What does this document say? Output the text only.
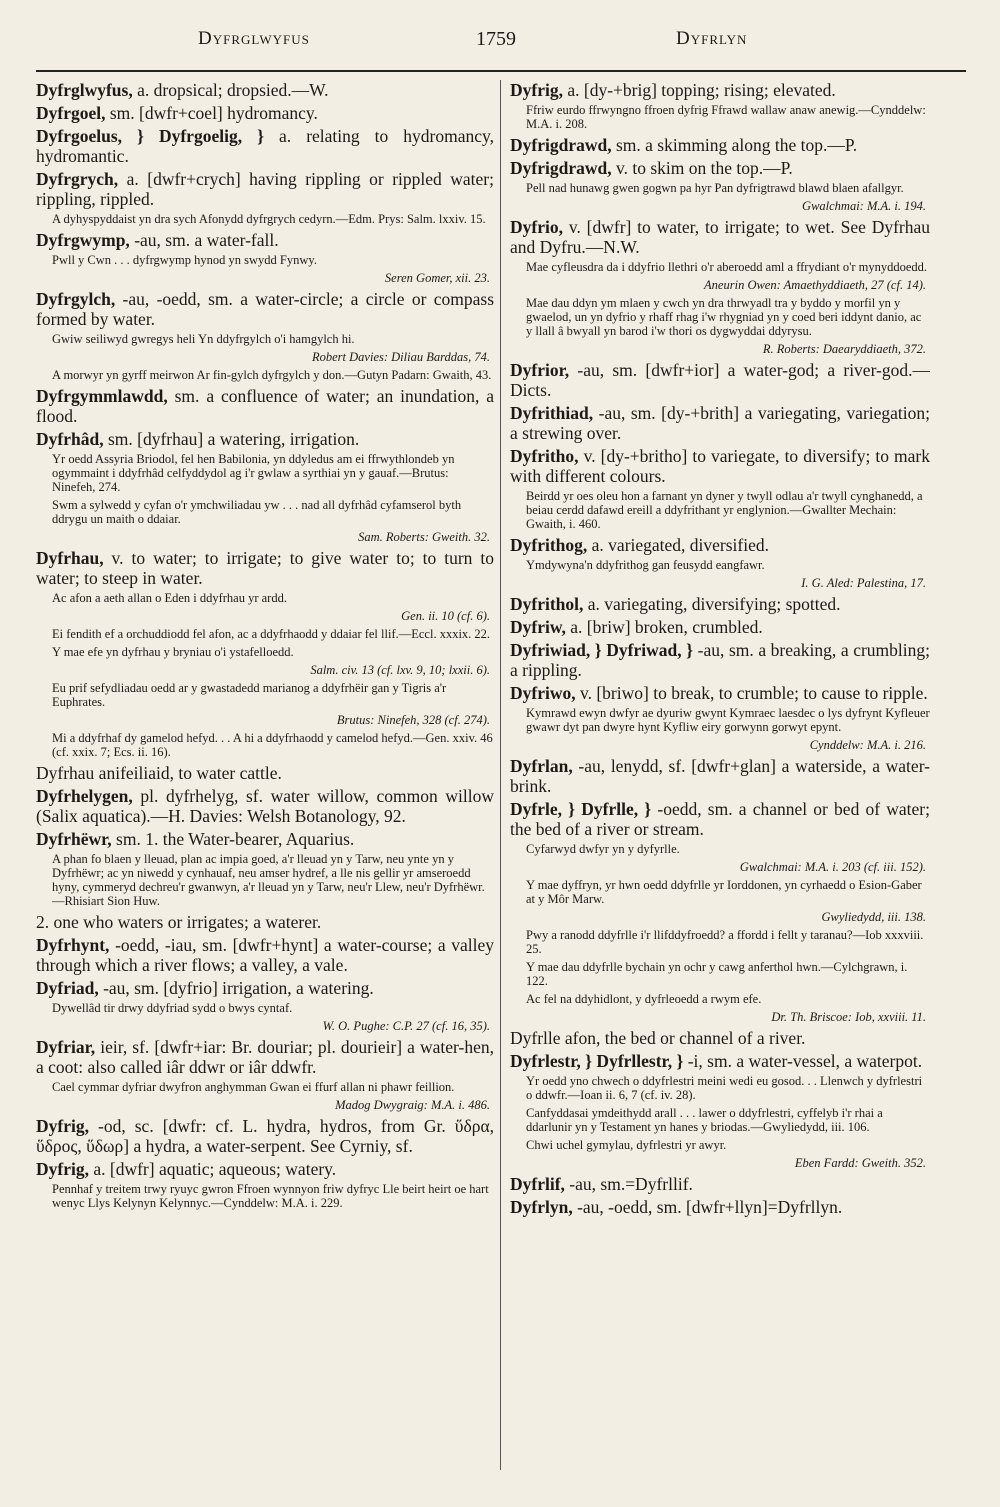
Dyfrglwyfus	1759	Dyfrlyn
Dyfrglwyfus, a. dropsical; dropsied.—W.
Dyfrgoel, sm. [dwfr+coel] hydromancy.
Dyfrgoelus, } Dyfrgoelig, } a. relating to hydromancy, hydromantic.
Dyfrgrych, a. [dwfr+crych] having rippling or rippled water; rippling, rippled.
A dyhyspyddaist yn dra sych Afonydd dyfrgrych cedyrn.—Edm. Prys: Salm. lxxiv. 15.
Dyfrgwymp, -au, sm. a water-fall.
Pwll y Cwn . . . dyfrgwymp hynod yn swydd Fynwy.
Seren Gomer, xii. 23.
Dyfrgylch, -au, -oedd, sm. a water-circle; a circle or compass formed by water.
Gwiw seiliwyd gwregys heli Yn ddyfrgylch o'i hamgylch hi.
Robert Davies: Diliau Barddas, 74.
A morwyr yn gyrff meirwon Ar fin-gylch dyfrgylch y don.—Gutyn Padarn: Gwaith, 43.
Dyfrgymmlawdd, sm. a confluence of water; an inundation, a flood.
Dyfrhâd, sm. [dyfrhau] a watering, irrigation.
Yr oedd Assyria Briodol, fel hen Babilonia, yn ddyledus am ei ffrwythlondeb yn ogymmaint i ddyfrhâd celfyddydol ag i'r gwlaw a syrthiai yn y gauaf.—Brutus: Ninefeh, 274.
Swm a sylwedd y cyfan o'r ymchwiliadau yw . . . nad all dyfrhâd cyfamserol byth ddrygu un maith o ddaiar.
Sam. Roberts: Gweith. 32.
Dyfrhau, v. to water; to irrigate; to give water to; to turn to water; to steep in water.
Ac afon a aeth allan o Eden i ddyfrhau yr ardd.
Gen. ii. 10 (cf. 6).
Ei fendith ef a orchuddiodd fel afon, ac a ddyfrhaodd y ddaiar fel llif.—Eccl. xxxix. 22.
Y mae efe yn dyfrhau y bryniau o'i ystafelloedd.
Salm. civ. 13 (cf. lxv. 9, 10; lxxii. 6).
Eu prif sefydliadau oedd ar y gwastadedd marianog a ddyfrhëir gan y Tigris a'r Euphrates.
Brutus: Ninefeh, 328 (cf. 274).
Mi a ddyfrhaf dy gamelod hefyd. . . A hi a ddyfrhaodd y camelod hefyd.—Gen. xxiv. 46 (cf. xxix. 7; Ecs. ii. 16).
Dyfrhau anifeiliaid, to water cattle.
Dyfrhelygen, pl. dyfrhelyg, sf. water willow, common willow (Salix aquatica).—H. Davies: Welsh Botanology, 92.
Dyfrhëwr, sm. 1. the Water-bearer, Aquarius.
A phan fo blaen y lleuad, plan ac impia goed, a'r lleuad yn y Tarw, neu ynte yn y Dyfrhëwr; ac yn niwedd y cynhauaf, neu amser hydref, a lle nis gellir yr amseroedd hyny, cymmeryd dechreu'r gwanwyn, a'r lleuad yn y Tarw, neu'r Llew, neu'r Dyfrhëwr.—Rhisiart Sion Huw.
2. one who waters or irrigates; a waterer.
Dyfrhynt, -oedd, -iau, sm. [dwfr+hynt] a water-course; a valley through which a river flows; a valley, a vale.
Dyfriad, -au, sm. [dyfrio] irrigation, a watering.
Dywellâd tir drwy ddyfriad sydd o bwys cyntaf.
W. O. Pughe: C.P. 27 (cf. 16, 35).
Dyfriar, ieir, sf. [dwfr+iar: Br. douriar; pl. dourieir] a water-hen, a coot: also called iâr ddwr or iâr ddwfr.
Cael cymmar dyfriar dwyfron anghymman Gwan ei ffurf allan ni phawr feillion.
Madog Dwygraig: M.A. i. 486.
Dyfrig, -od, sc. [dwfr: cf. L. hydra, hydros, from Gr. ὕδρα, ὕδρος, ὕδωρ] a hydra, a water-serpent. See Cyrniy, sf.
Dyfrig, a. [dwfr] aquatic; aqueous; watery.
Pennhaf y treitem trwy ryuyc gwron Ffroen wynnyon friw dyfryc Lle beirt heirt oe hart wenyc Llys Kelynyn Kelynnyc.—Cynddelw: M.A. i. 229.
Dyfrig, a. [dy-+brig] topping; rising; elevated.
Ffriw eurdo ffrwyngno ffroen dyfrig Ffrawd wallaw anaw anewig.—Cynddelw: M.A. i. 208.
Dyfrigdrawd, sm. a skimming along the top.—P.
Dyfrigdrawd, v. to skim on the top.—P.
Pell nad hunawg gwen gogwn pa hyr Pan dyfrigtrawd blawd blaen afallgyr.
Gwalchmai: M.A. i. 194.
Dyfrio, v. [dwfr] to water, to irrigate; to wet. See Dyfrhau and Dyfru.—N.W.
Mae cyfleusdra da i ddyfrio llethri o'r aberoedd aml a ffrydiant o'r mynyddoedd.
Aneurin Owen: Amaethyddiaeth, 27 (cf. 14).
Mae dau ddyn ym mlaen y cwch yn dra thrwyadl tra y byddo y morfil yn y gwaelod, un yn dyfrio y rhaff rhag i'w rhygniad yn y coed beri iddynt danio, ac y llall â bwyall yn barod i'w thori os dygwyddai ddyrysu.
R. Roberts: Daearyddiaeth, 372.
Dyfrior, -au, sm. [dwfr+ior] a water-god; a river-god.—Dicts.
Dyfrithiad, -au, sm. [dy-+brith] a variegating, variegation; a strewing over.
Dyfritho, v. [dy-+britho] to variegate, to diversify; to mark with different colours.
Beirdd yr oes oleu hon a farnant yn dyner y twyll odlau a'r twyll cynghanedd, a beiau cerdd dafawd ereill a ddyfrithant yr englynion.—Gwallter Mechain: Gwaith, i. 460.
Dyfrithog, a. variegated, diversified.
Ymdywyna'n ddyfrithog gan feusydd eangfawr.
I. G. Aled: Palestina, 17.
Dyfrithol, a. variegating, diversifying; spotted.
Dyfriw, a. [briw] broken, crumbled.
Dyfriwiad, } Dyfriwad, } -au, sm. a breaking, a crumbling; a rippling.
Dyfriwo, v. [briwo] to break, to crumble; to cause to ripple.
Kymrawd ewyn dwfyr ae dyuriw gwynt Kymraec laesdec o lys dyfrynt Kyfleuer gwawr dyt pan dwyre hynt Kyfliw eiry gorwynn gorwyt epynt.
Cynddelw: M.A. i. 216.
Dyfrlan, -au, lenydd, sf. [dwfr+glan] a waterside, a water-brink.
Dyfrle, } Dyfrlle, } -oedd, sm. a channel or bed of water; the bed of a river or stream.
Cyfarwyd dwfyr yn y dyfyrlle.
Gwalchmai: M.A. i. 203 (cf. iii. 152).
Y mae dyffryn, yr hwn oedd ddyfrlle yr Iorddonen, yn cyrhaedd o Esion-Gaber at y Môr Marw.
Gwyliedydd, iii. 138.
Pwy a ranodd ddyfrlle i'r llifddyfroedd? a ffordd i fellt y taranau?—Iob xxxviii. 25.
Y mae dau ddyfrlle bychain yn ochr y cawg anferthol hwn.—Cylchgrawn, i. 122.
Ac fel na ddyhidlont, y dyfrleoedd a rwym efe.
Dr. Th. Briscoe: Iob, xxviii. 11.
Dyfrlle afon, the bed or channel of a river.
Dyfrlestr, } Dyfrllestr, } -i, sm. a water-vessel, a waterpot.
Yr oedd yno chwech o ddyfrlestri meini wedi eu gosod. . . Llenwch y dyfrlestri o ddwfr.—Ioan ii. 6, 7 (cf. iv. 28).
Canfyddasai ymdeithydd arall . . . lawer o ddyfrlestri, cyffelyb i'r rhai a ddarlunir yn y Testament yn hanes y briodas.—Gwyliedydd, iii. 106.
Chwi uchel gymylau, dyfrlestri yr awyr.
Eben Fardd: Gweith. 352.
Dyfrlif, -au, sm.=Dyfrllif.
Dyfrlyn, -au, -oedd, sm. [dwfr+llyn]=Dyfrllyn.
